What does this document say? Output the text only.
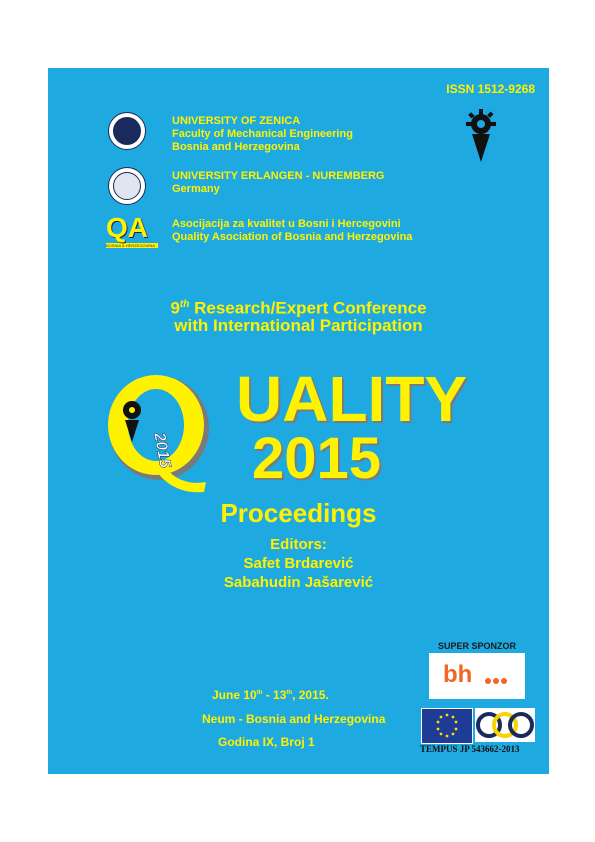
ISSN 1512-9268
UNIVERSITY OF ZENICA
Faculty of Mechanical Engineering
Bosnia and Herzegovina
UNIVERSITY ERLANGEN - NUREMBERG
Germany
QA
BOSNIA & HERZEGOVINA
Asocijacija za kvalitet u Bosni i Hercegovini
Quality Asociation of Bosnia and Herzegovina
9th Research/Expert Conference
with International Participation
2015
UALITY
2015
Proceedings
Editors:
Safet Brdarević
Sabahudin Jašarević
SUPER SPONZOR
bh
June 10th - 13th, 2015.
Neum - Bosnia and Herzegovina
Godina IX, Broj 1	TEMPUS JP 543662-2013
